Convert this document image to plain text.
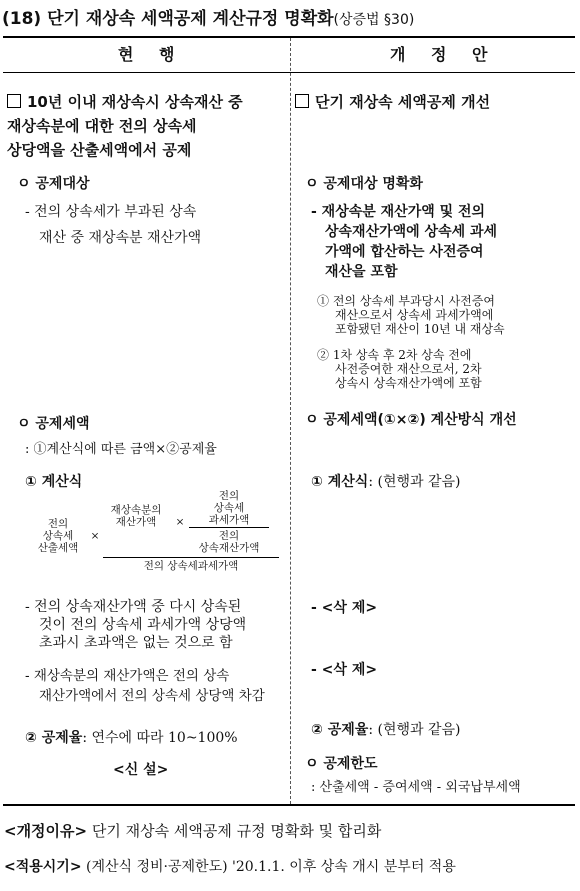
(18) 단기 재상속 세액공제 계산규정 명확화(상증법 §30)
현 행	개 정 안
10년 이내 재상속시 상속재산 중
재상속분에 대한 전의 상속세
상당액을 산출세액에서 공제
ㅇ 공제대상
- 전의 상속세가 부과된 상속
재산 중 재상속분 재산가액
ㅇ 공제세액
: ①계산식에 따른 금액×②공제율
① 계산식
전의
상속세
산출세액
×
재상속분의
재산가액	×
전의
상속세
과세가액
전의
상속재산가액
전의 상속세과세가액
- 전의 상속재산가액 중 다시 상속된
것이 전의 상속세 과세가액 상당액
초과시 초과액은 없는 것으로 함
- 재상속분의 재산가액은 전의 상속
재산가액에서 전의 상속세 상당액 차감
② 공제율: 연수에 따라 10~100%
<신 설>
단기 재상속 세액공제 개선
ㅇ 공제대상 명확화
- 재상속분 재산가액 및 전의
상속재산가액에 상속세 과세
가액에 합산하는 사전증여
재산을 포함
① 전의 상속세 부과당시 사전증여
재산으로서 상속세 과세가액에
포함됐던 재산이 10년 내 재상속
② 1차 상속 후 2차 상속 전에
사전증여한 재산으로서, 2차
상속시 상속재산가액에 포함
ㅇ 공제세액(①×②) 계산방식 개선
① 계산식: (현행과 같음)
- <삭 제>
- <삭 제>
② 공제율: (현행과 같음)
ㅇ 공제한도
: 산출세액 - 증여세액 - 외국납부세액
<개정이유> 단기 재상속 세액공제 규정 명확화 및 합리화
<적용시기> (계산식 정비·공제한도) '20.1.1. 이후 상속 개시 분부터 적용
